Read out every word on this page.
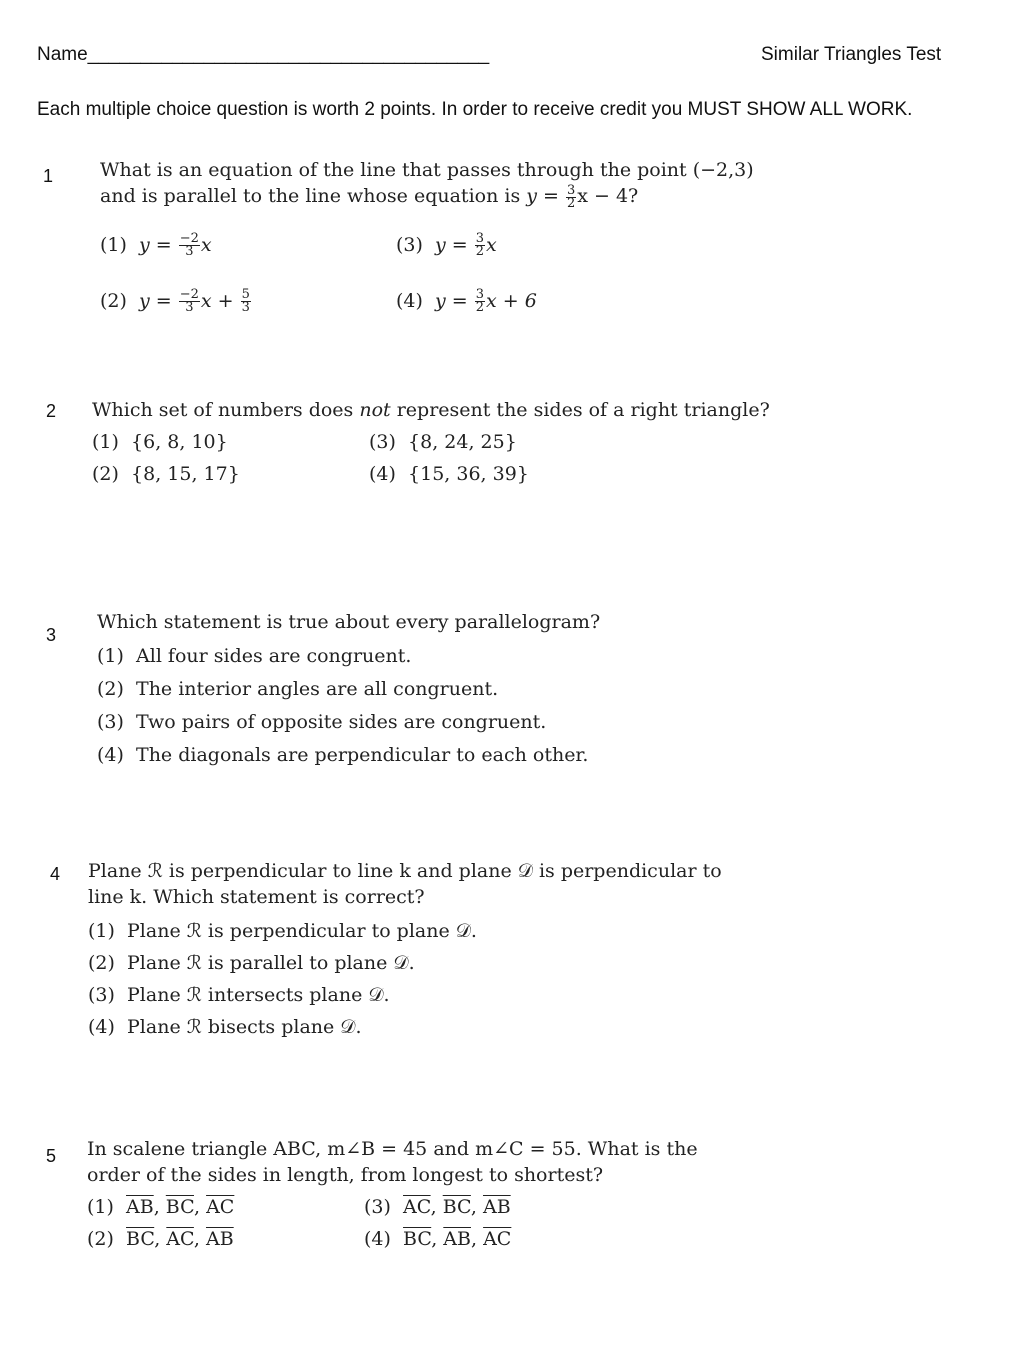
Name______________________________________	Similar Triangles Test
Each multiple choice question is worth 2 points. In order to receive credit you MUST SHOW ALL WORK.
1 What is an equation of the line that passes through the point (−2,3)
and is parallel to the line whose equation is $y = \frac{3}{2}$ x − 4?
(1) $y = \frac{-2}{3}$ x	(3) $y = \frac{3}{2}$ x
(2) $y = \frac{-2}{3}$ $x + \frac{5}{3}$	(4) $y = \frac{3}{2}$ x + 6
2 Which set of numbers does not represent the sides of a right triangle?
(1) {6, 8, 10}	(3) {8, 24, 25}
(2) {8, 15, 17}	(4) {15, 36, 39}
3
Which statement is true about every parallelogram?
(1) All four sides are congruent.
(2) The interior angles are all congruent.
(3) Two pairs of opposite sides are congruent.
(4) The diagonals are perpendicular to each other.
4 Plane ℛ is perpendicular to line k and plane 𝒟 is perpendicular to
line k. Which statement is correct?
(1) Plane ℛ is perpendicular to plane 𝒟.
(2) Plane ℛ is parallel to plane 𝒟.
(3) Plane ℛ intersects plane 𝒟.
(4) Plane ℛ bisects plane 𝒟.
5 In scalene triangle ABC, m∠B = 45 and m∠C = 55. What is the
order of the sides in length, from longest to shortest?
(1) $\overline{AB}$, $\overline{BC}$, $\overline{AC}$	(3) $\overline{AC}$, $\overline{BC}$, $\overline{AB}$
(2) $\overline{BC}$, $\overline{AC}$, $\overline{AB}$	(4) $\overline{BC}$, $\overline{AB}$, $\overline{AC}$
